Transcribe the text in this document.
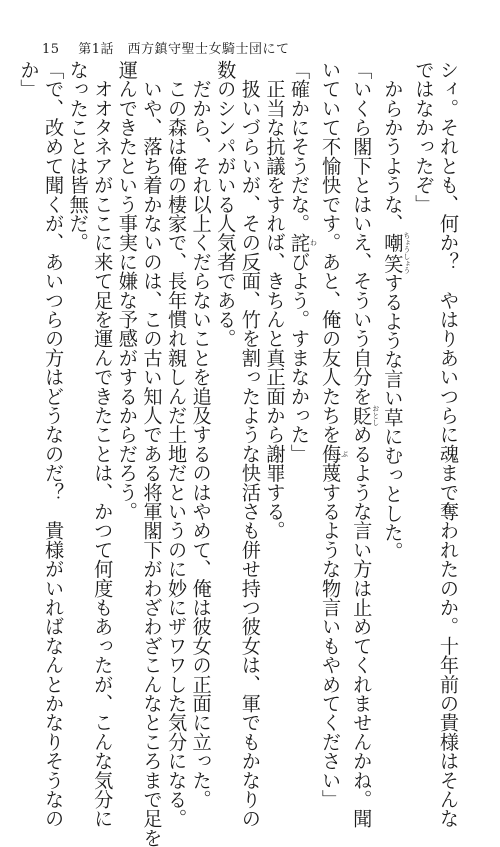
15 第1話　西方鎮守聖士女騎士団にて
シィ。それとも、何か？　やはりあいつらに魂まで奪われたのか。十年前の貴様はそんな
ではなかったぞ」
　からかうような、嘲笑ちょうしょうするような言い草にむっとした。
「いくら閣下とはいえ、そういう自分を貶おとしめるような言い方は止めてくれませんかね。聞
いていて不愉快です。あと、俺の友人たちを侮ぶ蔑するような物言いもやめてください」
「確かにそうだな。詫わびよう。すまなかった」
　正当な抗議をすれば、きちんと真正面から謝罪する。
　扱いづらいが、その反面、竹を割ったような快活さも併せ持つ彼女は、軍でもかなりの
数のシンパがいる人気者である。
　だから、それ以上くだらないことを追及するのはやめて、俺は彼女の正面に立った。
　この森は俺の棲家で、長年慣れ親しんだ土地だというのに妙にザワワした気分になる。
　いや、落ち着かないのは、この古い知人である将軍閣下がわざわざこんなところまで足を
運んできたという事実に嫌な予感がするからだろう。
　オオタネアがここに来て足を運んできたことは、かつて何度もあったが、こんな気分に
なったことは皆無だ。
「で、改めて聞くが、あいつらの方はどうなのだ？　貴様がいればなんとかなりそうなの
か」
